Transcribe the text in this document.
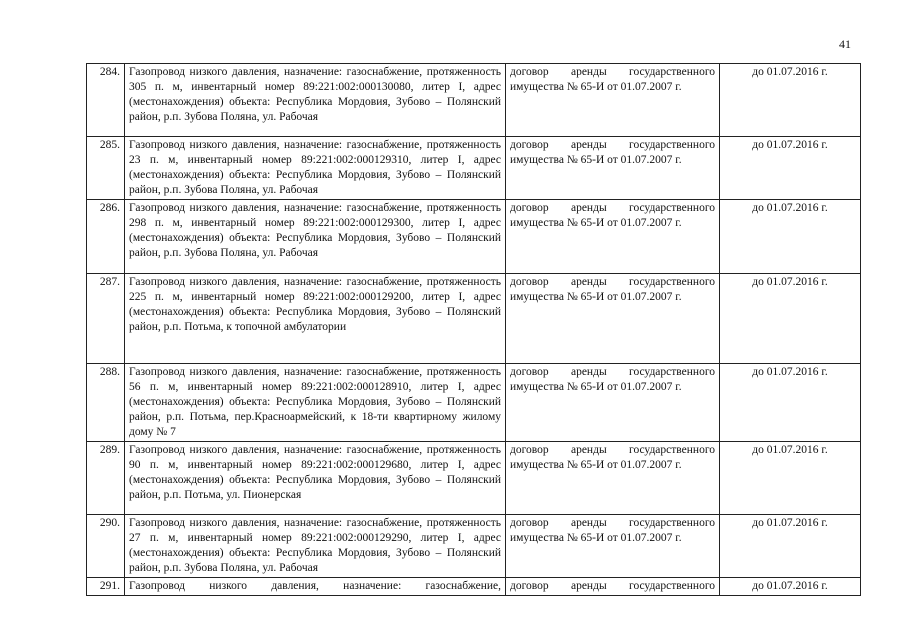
41
284.	Газопровод низкого давления, назначение: газоснабжение, протяженность 305 п. м, инвентарный номер 89:221:002:000130080, литер I, адрес (местонахождения) объекта: Республика Мордовия, Зубово – Полянский район, р.п. Зубова Поляна, ул. Рабочая	договор аренды государственного имущества № 65-И от 01.07.2007 г.	до 01.07.2016 г.
285.	Газопровод низкого давления, назначение: газоснабжение, протяженность 23 п. м, инвентарный номер 89:221:002:000129310, литер I, адрес (местонахождения) объекта: Республика Мордовия, Зубово – Полянский район, р.п. Зубова Поляна, ул. Рабочая	договор аренды государственного имущества № 65-И от 01.07.2007 г.	до 01.07.2016 г.
286.	Газопровод низкого давления, назначение: газоснабжение, протяженность 298 п. м, инвентарный номер 89:221:002:000129300, литер I, адрес (местонахождения) объекта: Республика Мордовия, Зубово – Полянский район, р.п. Зубова Поляна, ул. Рабочая	договор аренды государственного имущества № 65-И от 01.07.2007 г.	до 01.07.2016 г.
287.	Газопровод низкого давления, назначение: газоснабжение, протяженность 225 п. м, инвентарный номер 89:221:002:000129200, литер I, адрес (местонахождения) объекта: Республика Мордовия, Зубово – Полянский район, р.п. Потьма, к топочной амбулатории	договор аренды государственного имущества № 65-И от 01.07.2007 г.	до 01.07.2016 г.
288.	Газопровод низкого давления, назначение: газоснабжение, протяженность 56 п. м, инвентарный номер 89:221:002:000128910, литер I, адрес (местонахождения) объекта: Республика Мордовия, Зубово – Полянский район, р.п. Потьма, пер.Красноармейский, к 18-ти квартирному жилому дому № 7	договор аренды государственного имущества № 65-И от 01.07.2007 г.	до 01.07.2016 г.
289.	Газопровод низкого давления, назначение: газоснабжение, протяженность 90 п. м, инвентарный номер 89:221:002:000129680, литер I, адрес (местонахождения) объекта: Республика Мордовия, Зубово – Полянский район, р.п. Потьма, ул. Пионерская	договор аренды государственного имущества № 65-И от 01.07.2007 г.	до 01.07.2016 г.
290.	Газопровод низкого давления, назначение: газоснабжение, протяженность 27 п. м, инвентарный номер 89:221:002:000129290, литер I, адрес (местонахождения) объекта: Республика Мордовия, Зубово – Полянский район, р.п. Зубова Поляна, ул. Рабочая	договор аренды государственного имущества № 65-И от 01.07.2007 г.	до 01.07.2016 г.
291.	Газопровод низкого давления, назначение: газоснабжение,	договор аренды государственного	до 01.07.2016 г.
